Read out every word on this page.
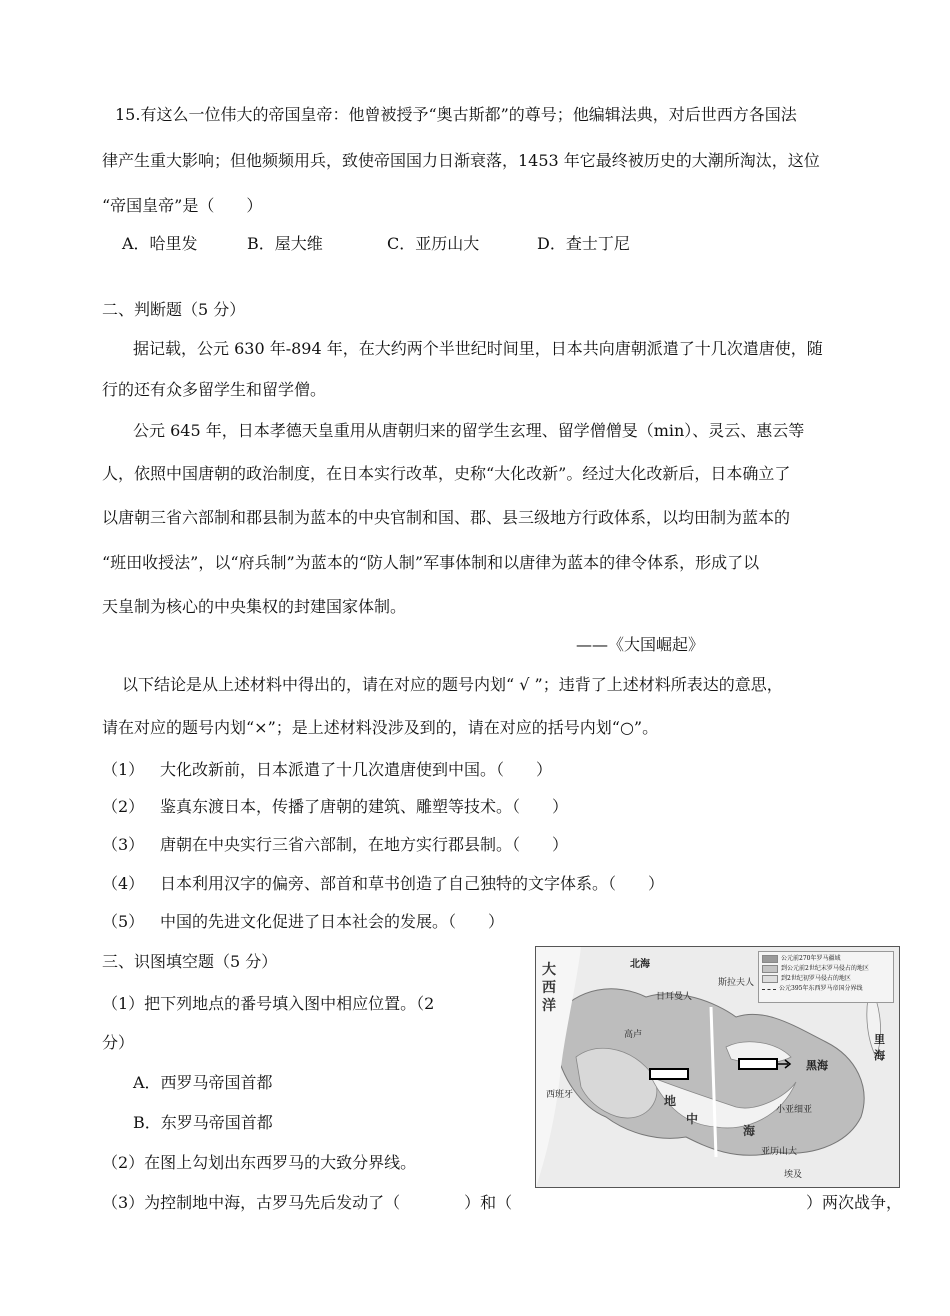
15.有这么一位伟大的帝国皇帝：他曾被授予“奥古斯都”的尊号；他编辑法典，对后世西方各国法
律产生重大影响；但他频频用兵，致使帝国国力日渐衰落，1453 年它最终被历史的大潮所淘汰，这位
“帝国皇帝”是（　　）
A．哈里发	B．屋大维	C．亚历山大	D．查士丁尼
二、判断题（5 分）
据记载，公元 630 年-894 年，在大约两个半世纪时间里，日本共向唐朝派遣了十几次遣唐使，随
行的还有众多留学生和留学僧。
公元 645 年，日本孝德天皇重用从唐朝归来的留学生玄理、留学僧僧旻（min）、灵云、惠云等
人，依照中国唐朝的政治制度，在日本实行改革，史称“大化改新”。经过大化改新后，日本确立了
以唐朝三省六部制和郡县制为蓝本的中央官制和国、郡、县三级地方行政体系，以均田制为蓝本的
“班田收授法”，以“府兵制”为蓝本的“防人制”军事体制和以唐律为蓝本的律令体系，形成了以
天皇制为核心的中央集权的封建国家体制。
——《大国崛起》
以下结论是从上述材料中得出的，请在对应的题号内划“ √ ”；违背了上述材料所表达的意思，
请在对应的题号内划“×”；是上述材料没涉及到的，请在对应的括号内划“○”。
（1） 大化改新前，日本派遣了十几次遣唐使到中国。（　　）
（2） 鉴真东渡日本，传播了唐朝的建筑、雕塑等技术。（　　）
（3） 唐朝在中央实行三省六部制，在地方实行郡县制。（　　）
（4） 日本利用汉字的偏旁、部首和草书创造了自己独特的文字体系。（　　）
（5） 中国的先进文化促进了日本社会的发展。（　　）
三、识图填空题（5 分）
（1）把下列地点的番号填入图中相应位置。（2
分）
A．西罗马帝国首都
B．东罗马帝国首都
（2）在图上勾划出东西罗马的大致分界线。
（3）为控制地中海，古罗马先后发动了（　　　　）和（	）两次战争，
大西洋
北海
日耳曼人
斯拉夫人
高卢	里海
黑海
西班牙	地
中
海
小亚细亚
亚历山大
埃及
公元前270年罗马疆域
到公元前2世纪末罗马侵占的地区
到2世纪初罗马侵占的地区
公元395年东西罗马帝国分界线
